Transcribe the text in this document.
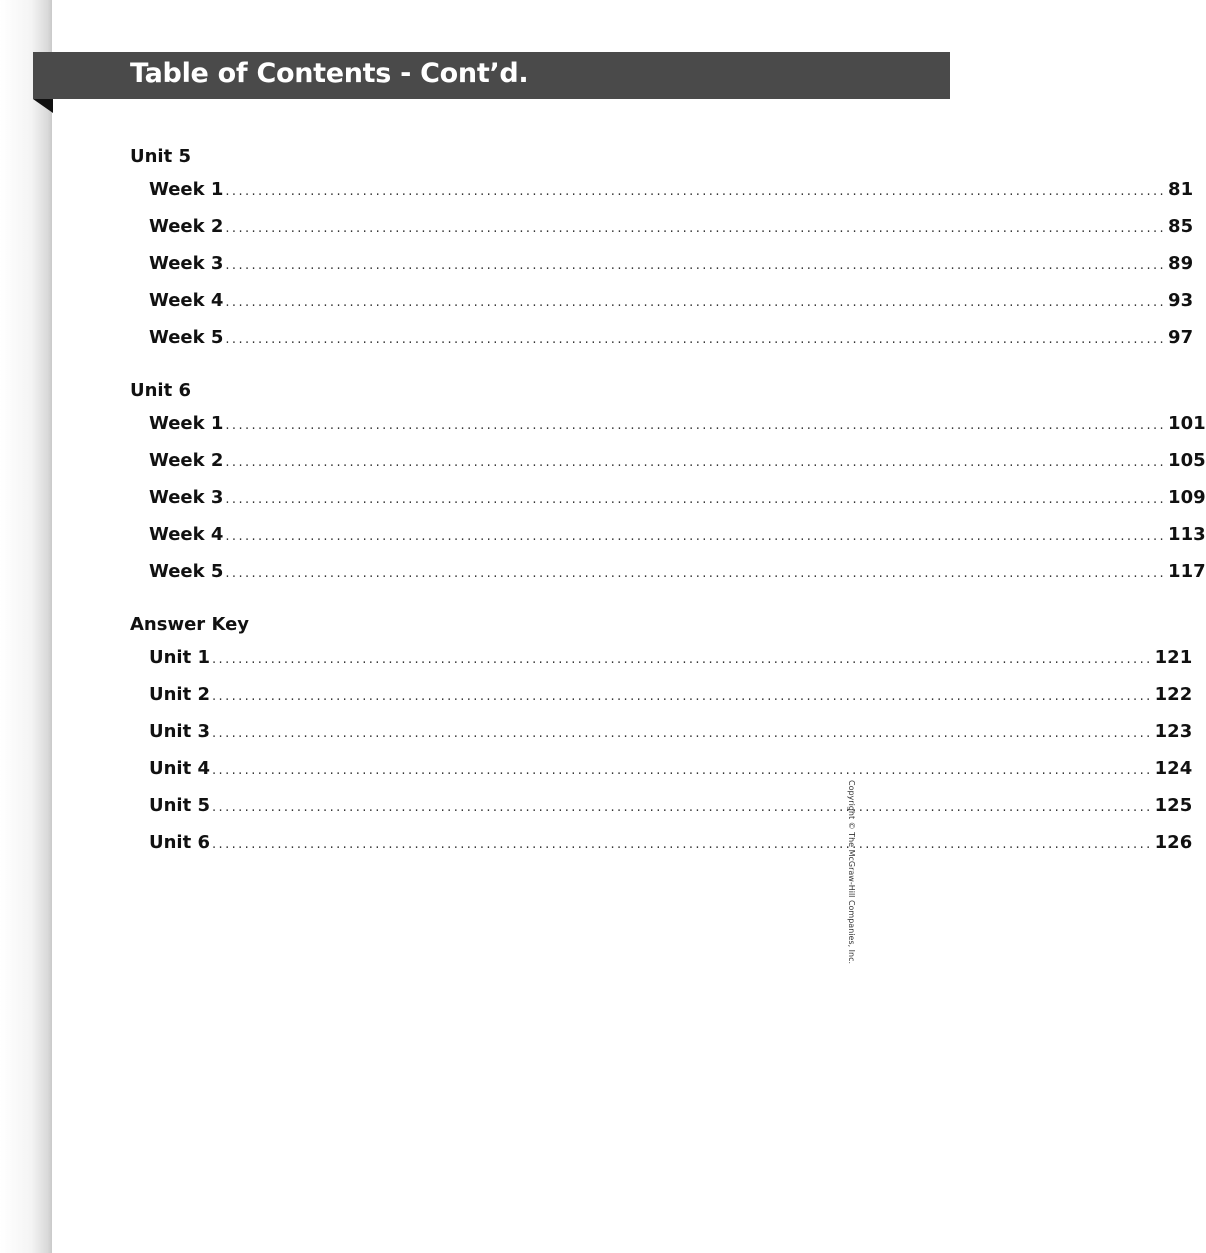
Table of Contents - Cont’d.
Unit 5
Week 1 ................................................................................................................................................ 81
Week 2 ................................................................................................................................................ 85
Week 3 ................................................................................................................................................ 89
Week 4 ................................................................................................................................................ 93
Week 5 ................................................................................................................................................ 97
Unit 6
Week 1 ................................................................................................................................................ 101
Week 2 ................................................................................................................................................ 105
Week 3 ................................................................................................................................................ 109
Week 4 ................................................................................................................................................ 113
Week 5 ................................................................................................................................................ 117
Answer Key
Unit 1 ................................................................................................................................................ 121
Unit 2 ................................................................................................................................................ 122
Unit 3 ................................................................................................................................................ 123
Unit 4 ................................................................................................................................................ 124
Unit 5 ................................................................................................................................................ 125
Unit 6 ................................................................................................................................................ 126
Copyright © The McGraw-Hill Companies, Inc.
